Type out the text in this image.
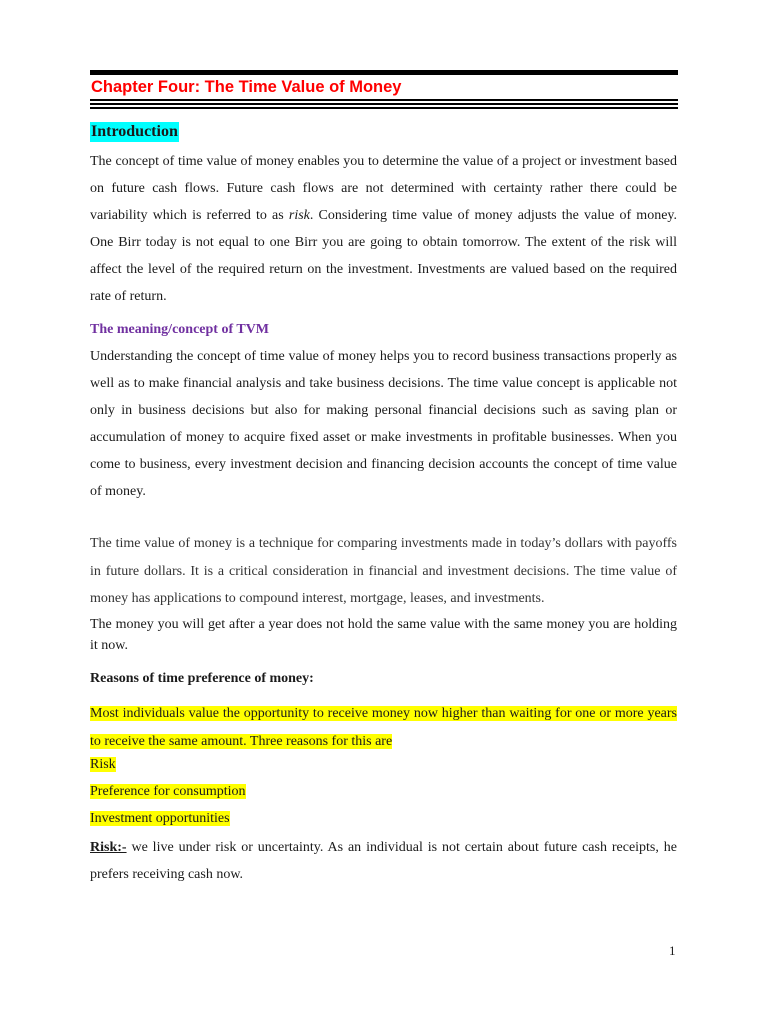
Chapter Four: The Time Value of Money
Introduction

The concept of time value of money enables you to determine the value of a project or investment based on future cash flows. Future cash flows are not determined with certainty rather there could be variability which is referred to as risk. Considering time value of money adjusts the value of money. One Birr today is not equal to one Birr you are going to obtain tomorrow. The extent of the risk will affect the level of the required return on the investment. Investments are valued based on the required rate of return.

The meaning/concept of TVM

Understanding the concept of time value of money helps you to record business transactions properly as well as to make financial analysis and take business decisions. The time value concept is applicable not only in business decisions but also for making personal financial decisions such as saving plan or accumulation of money to acquire fixed asset or make investments in profitable businesses. When you come to business, every investment decision and financing decision accounts the concept of time value of money.

The time value of money is a technique for comparing investments made in today’s dollars with payoffs in future dollars. It is a critical consideration in financial and investment decisions. The time value of money has applications to compound interest, mortgage, leases, and investments.

The money you will get after a year does not hold the same value with the same money you are holding it now.

Reasons of time preference of money:

Most individuals value the opportunity to receive money now higher than waiting for one or more years to receive the same amount. Three reasons for this are

Risk
Preference for consumption
Investment opportunities

Risk:- we live under risk or uncertainty. As an individual is not certain about future cash receipts, he prefers receiving cash now.

1
